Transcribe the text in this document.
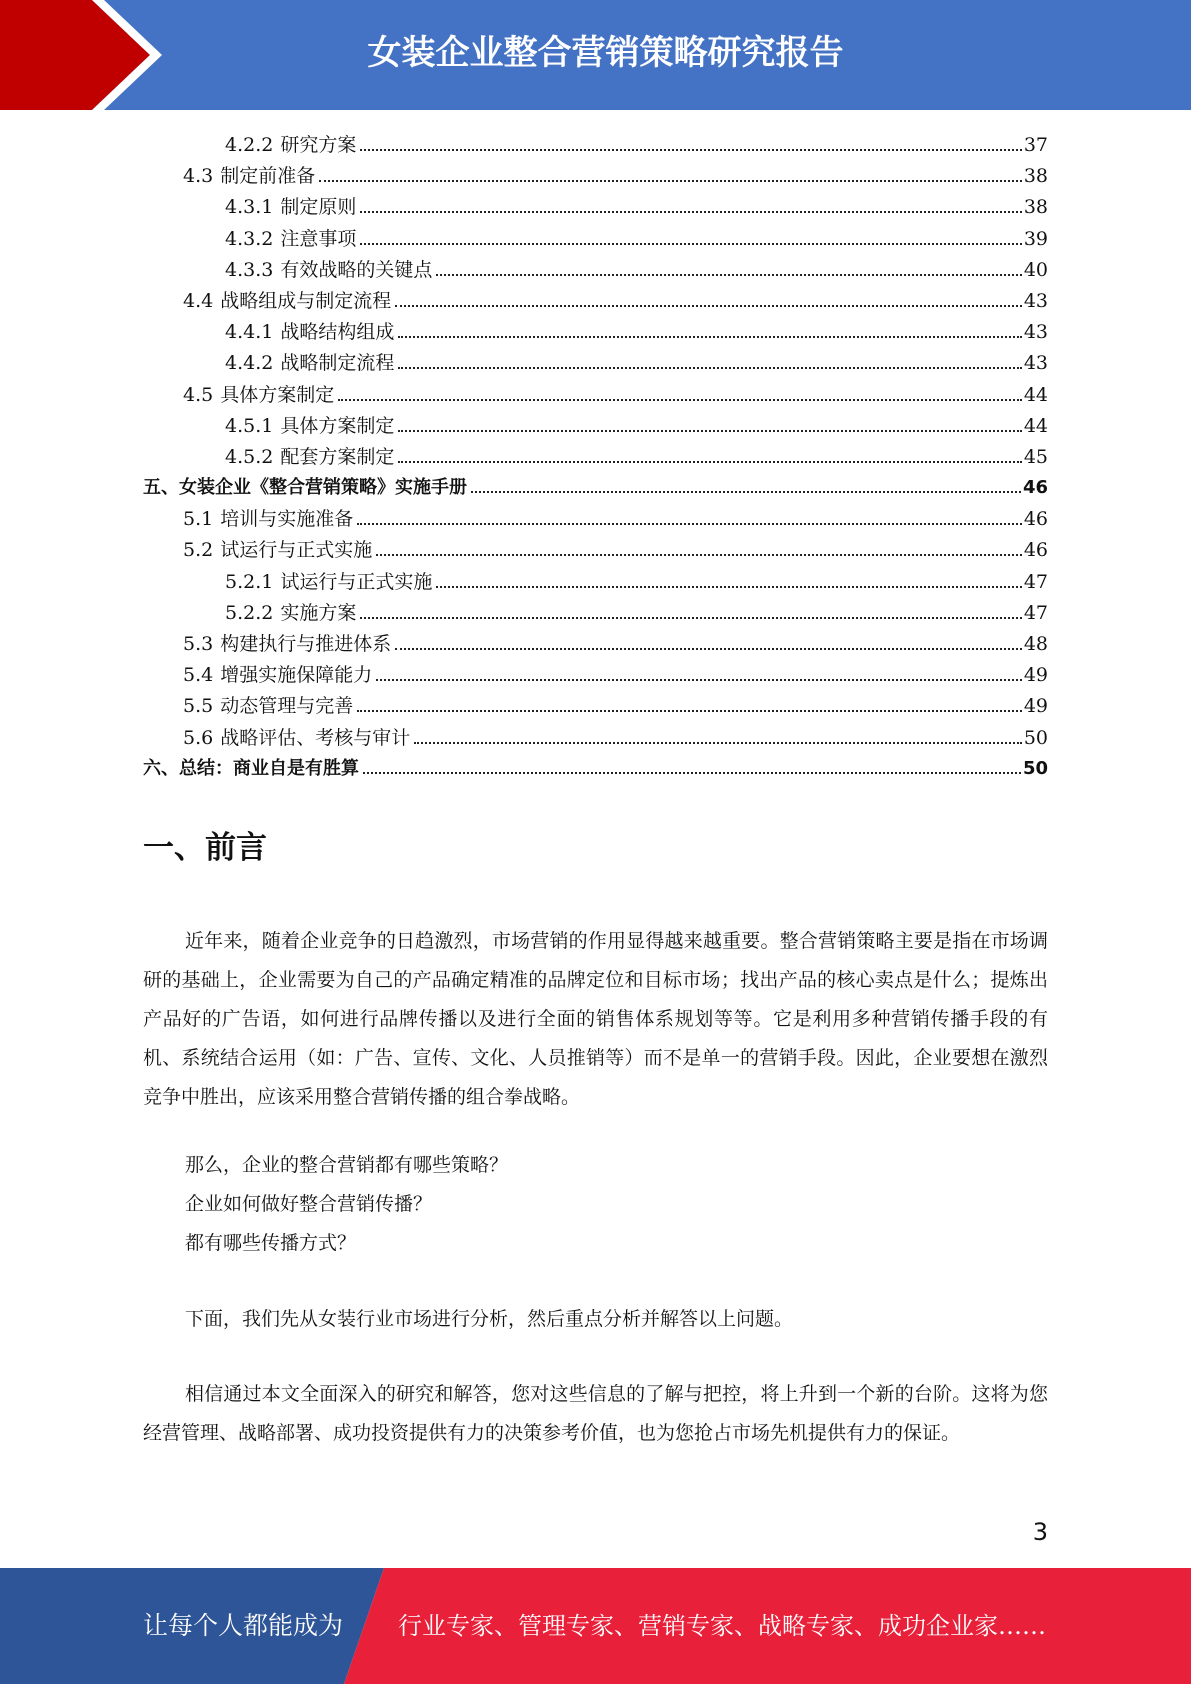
女装企业整合营销策略研究报告
4.2.2 研究方案	37
4.3 制定前准备	38
4.3.1 制定原则	38
4.3.2 注意事项	39
4.3.3 有效战略的关键点	40
4.4 战略组成与制定流程	43
4.4.1 战略结构组成	43
4.4.2 战略制定流程	43
4.5 具体方案制定	44
4.5.1 具体方案制定	44
4.5.2 配套方案制定	45
五、女装企业《整合营销策略》实施手册	46
5.1 培训与实施准备	46
5.2 试运行与正式实施	46
5.2.1 试运行与正式实施	47
5.2.2 实施方案	47
5.3 构建执行与推进体系	48
5.4 增强实施保障能力	49
5.5 动态管理与完善	49
5.6 战略评估、考核与审计	50
六、总结：商业自是有胜算	50
一、前言

近年来，随着企业竞争的日趋激烈，市场营销的作用显得越来越重要。整合营销策略主要是指在市场调研的基础上，企业需要为自己的产品确定精准的品牌定位和目标市场；找出产品的核心卖点是什么；提炼出产品好的广告语，如何进行品牌传播以及进行全面的销售体系规划等等。它是利用多种营销传播手段的有机、系统结合运用（如：广告、宣传、文化、人员推销等）而不是单一的营销手段。因此，企业要想在激烈竞争中胜出，应该采用整合营销传播的组合拳战略。

那么，企业的整合营销都有哪些策略？

企业如何做好整合营销传播？

都有哪些传播方式？

下面，我们先从女装行业市场进行分析，然后重点分析并解答以上问题。

相信通过本文全面深入的研究和解答，您对这些信息的了解与把控，将上升到一个新的台阶。这将为您经营管理、战略部署、成功投资提供有力的决策参考价值，也为您抢占市场先机提供有力的保证。

3
让每个人都能成为 行业专家、管理专家、营销专家、战略专家、成功企业家……
